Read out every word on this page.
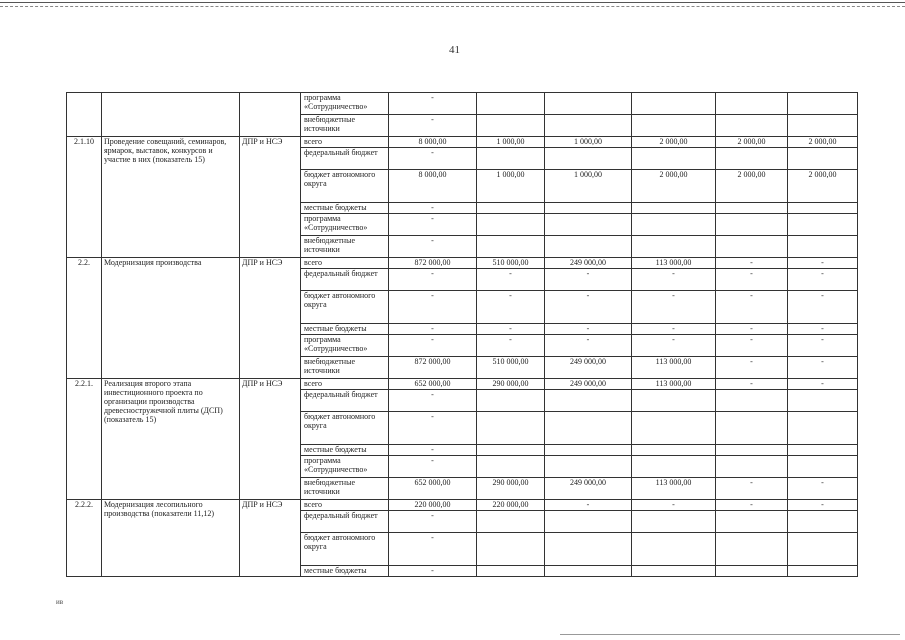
41
			программа «Сотрудничество»	-					
			внебюджетные источники	-					
2.1.10	Проведение совещаний, семинаров, ярмарок, выставок, конкурсов и участие в них (показатель 15)	ДПР и НСЭ	всего	8 000,00	1 000,00	1 000,00	2 000,00	2 000,00	2 000,00
			федеральный бюджет	-					
			бюджет автономного округа	8 000,00	1 000,00	1 000,00	2 000,00	2 000,00	2 000,00
			местные бюджеты	-					
			программа «Сотрудничество»	-					
			внебюджетные источники	-					
2.2.	Модернизация производства	ДПР и НСЭ	всего	872 000,00	510 000,00	249 000,00	113 000,00	-	-
			федеральный бюджет	-	-	-	-	-	-
			бюджет автономного округа	-	-	-	-	-	-
			местные бюджеты	-	-	-	-	-	-
			программа «Сотрудничество»	-	-	-	-	-	-
			внебюджетные источники	872 000,00	510 000,00	249 000,00	113 000,00	-	-
2.2.1.	Реализация второго этапа инвестиционного проекта по организации производства древесностружечной плиты (ДСП) (показатель 15)	ДПР и НСЭ	всего	652 000,00	290 000,00	249 000,00	113 000,00	-	-
			федеральный бюджет	-					
			бюджет автономного округа	-					
			местные бюджеты	-					
			программа «Сотрудничество»	-					
			внебюджетные источники	652 000,00	290 000,00	249 000,00	113 000,00	-	-
2.2.2.	Модернизация лесопильного производства (показатели 11,12)	ДПР и НСЭ	всего	220 000,00	220 000,00	-	-	-	-
			федеральный бюджет	-					
			бюджет автономного округа	-					
			местные бюджеты	-					
ив
